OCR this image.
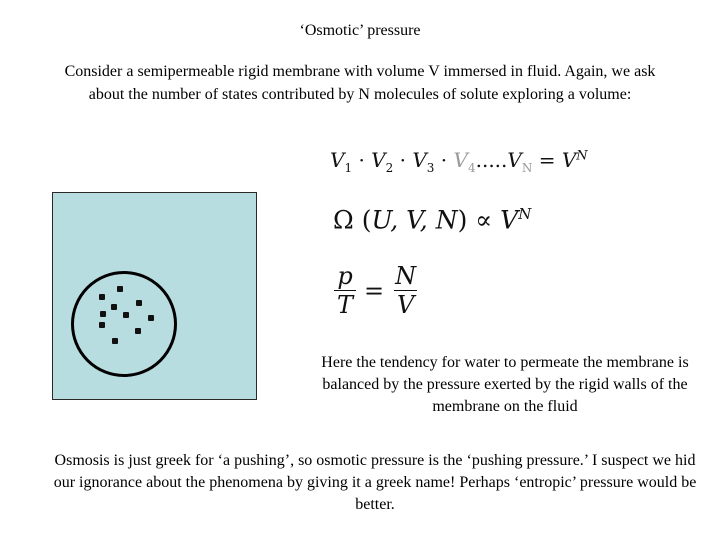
‘Osmotic’ pressure
Consider a semipermeable rigid membrane with volume V immersed in fluid. Again, we ask about the number of states contributed by N molecules of solute exploring a volume:
$V_1 \cdot V_2 \cdot V_3 \cdot V_4.....V_N = V^N$
Ω (U, V, $N) \propto V^N$
$\frac{p}{T} = \frac{N}{V}$
Here the tendency for water to permeate the membrane is balanced by the pressure exerted by the rigid walls of the membrane on the fluid
Osmosis is just greek for ‘a pushing’, so osmotic pressure is the ‘pushing pressure.’ I suspect we hid our ignorance about the phenomena by giving it a greek name! Perhaps ‘entropic’ pressure would be better.
